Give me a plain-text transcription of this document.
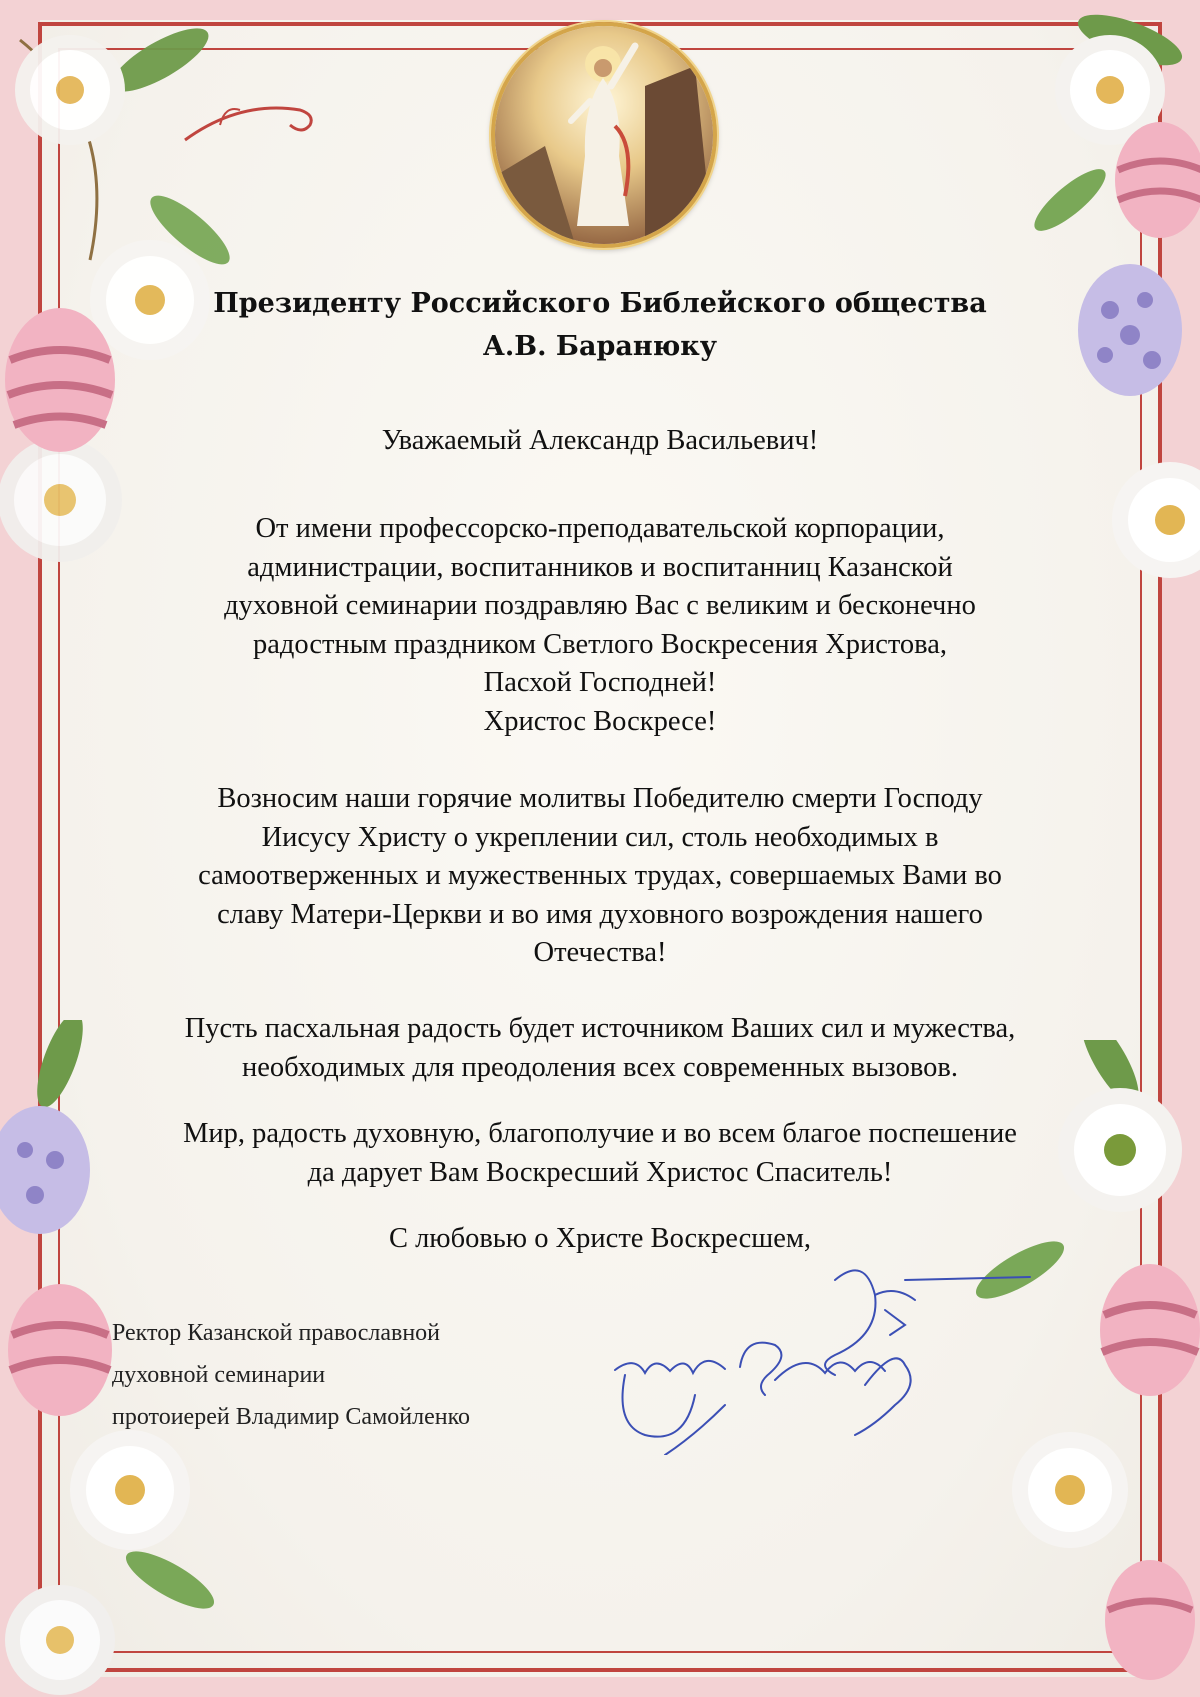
Президенту Российского Библейского общества
А.В. Баранюку
Уважаемый Александр Васильевич!
От имени профессорско-преподавательской корпорации,
администрации, воспитанников и воспитанниц Казанской
духовной семинарии поздравляю Вас с великим и бесконечно
радостным праздником Светлого Воскресения Христова,
Пасхой Господней!
Христос Воскресе!
Возносим наши горячие молитвы Победителю смерти Господу
Иисусу Христу о укреплении сил, столь необходимых в
самоотверженных и мужественных трудах, совершаемых Вами во
славу Матери-Церкви и во имя духовного возрождения нашего
Отечества!
Пусть пасхальная радость будет источником Ваших сил и мужества,
необходимых для преодоления всех современных вызовов.
Мир, радость духовную, благополучие и во всем благое поспешение
да дарует Вам Воскресший Христос Спаситель!
С любовью о Христе Воскресшем,
Ректор Казанской православной
духовной семинарии
протоиерей Владимир Самойленко
